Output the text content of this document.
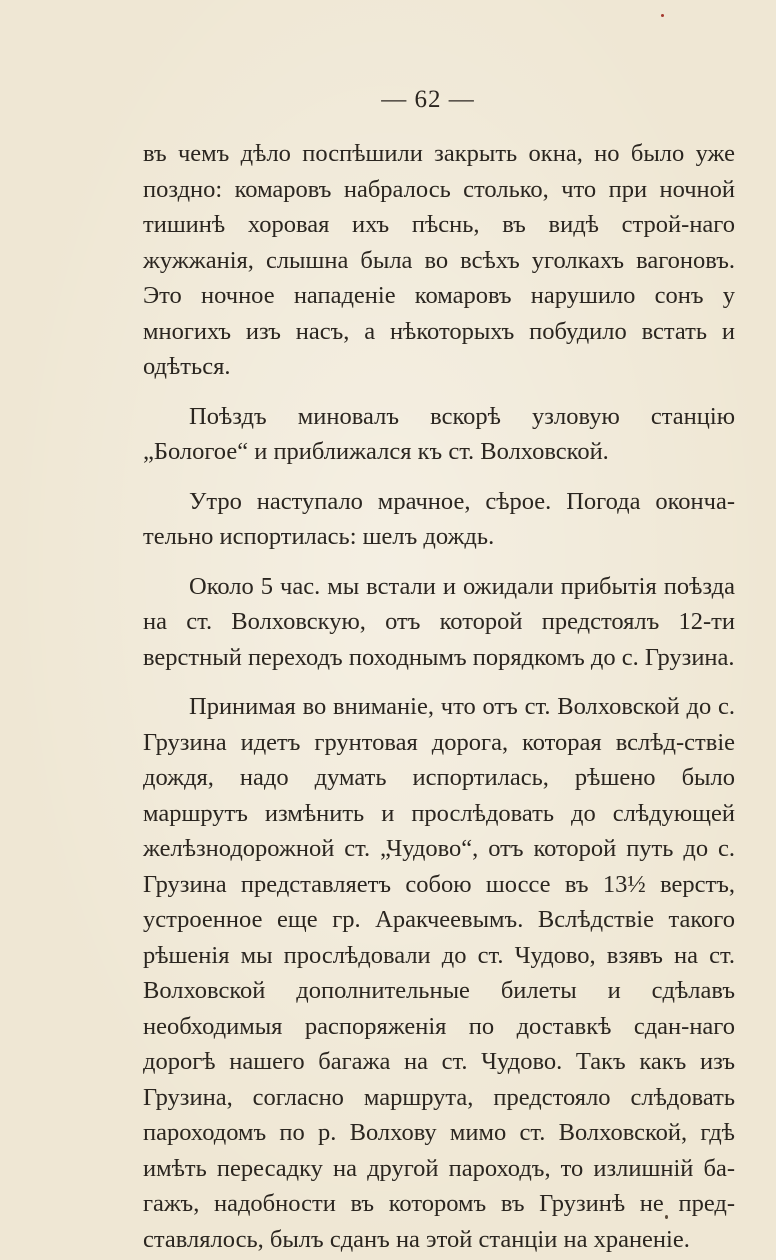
— 62 —

въ чемъ дѣло поспѣшили закрыть окна, но было уже поздно: комаровъ набралось столько, что при ночной тишинѣ хоровая ихъ пѣснь, въ видѣ строй-наго жужжанія, слышна была во всѣхъ уголкахъ вагоновъ. Это ночное нападеніе комаровъ нарушило сонъ у многихъ изъ насъ, а нѣкоторыхъ побудило встать и одѣться.

Поѣздъ миновалъ вскорѣ узловую станцію „Бологое“ и приближался къ ст. Волховской.

Утро наступало мрачное, сѣрое. Погода оконча-тельно испортилась: шелъ дождь.

Около 5 час. мы встали и ожидали прибытія поѣзда на ст. Волховскую, отъ которой предстоялъ 12-ти верстный переходъ походнымъ порядкомъ до с. Грузина.

Принимая во вниманіе, что отъ ст. Волховской до с. Грузина идетъ грунтовая дорога, которая вслѣд-ствіе дождя, надо думать испортилась, рѣшено было маршрутъ измѣнить и прослѣдовать до слѣдующей желѣзнодорожной ст. „Чудово“, отъ которой путь до с. Грузина представляетъ собою шоссе въ 13½ верстъ, устроенное еще гр. Аракчеевымъ. Вслѣдствіе такого рѣшенія мы прослѣдовали до ст. Чудово, взявъ на ст. Волховской дополнительные билеты и сдѣлавъ необходимыя распоряженія по доставкѣ сдан-наго дорогѣ нашего багажа на ст. Чудово. Такъ какъ изъ Грузина, согласно маршрута, предстояло слѣдовать пароходомъ по р. Волхову мимо ст. Волховской, гдѣ имѣть пересадку на другой пароходъ, то излишній ба-гажъ, надобности въ которомъ въ Грузинѣ не пред-ставлялось, былъ сданъ на этой станціи на храненіе.
